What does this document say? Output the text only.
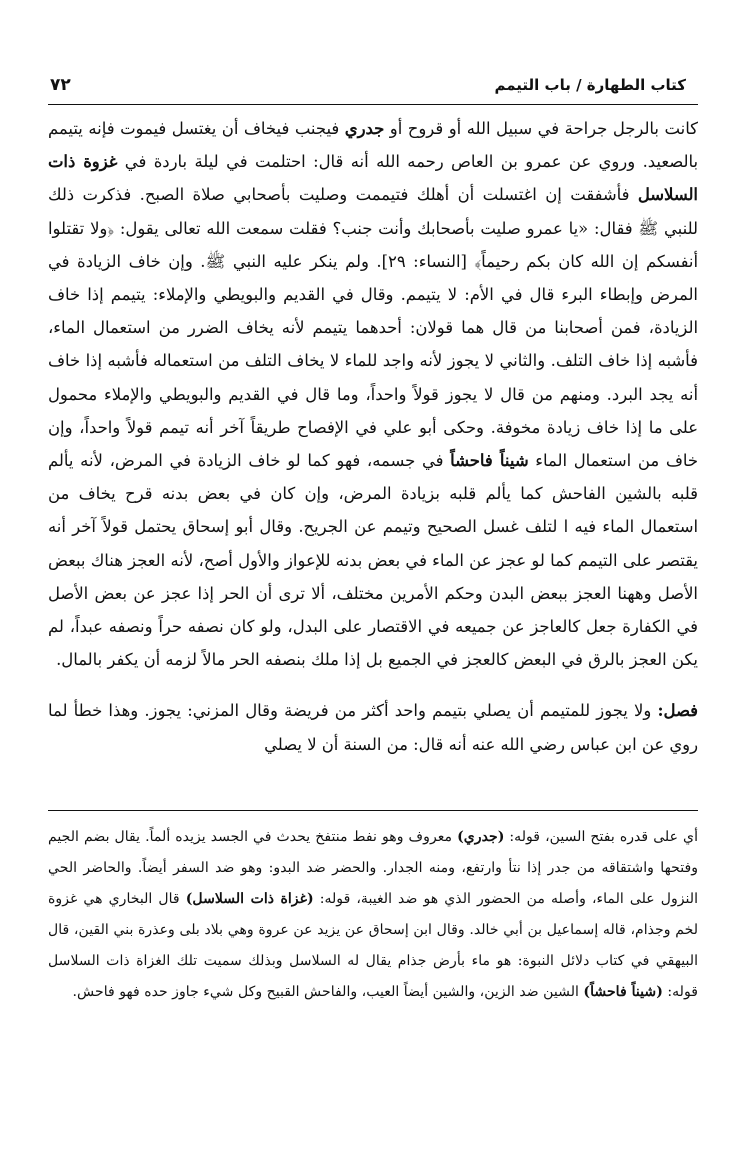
كتاب الطهارة / باب التيمم
٧٢

كانت بالرجل جراحة في سبيل الله أو قروح أو جدري فيجنب فيخاف أن يغتسل فيموت فإنه يتيمم بالصعيد. وروي عن عمرو بن العاص رحمه الله أنه قال: احتلمت في ليلة باردة في غزوة ذات السلاسل فأشفقت إن اغتسلت أن أهلك فتيممت وصليت بأصحابي صلاة الصبح. فذكرت ذلك للنبي ﷺ فقال: «يا عمرو صليت بأصحابك وأنت جنب؟ فقلت سمعت الله تعالى يقول: ﴿ولا تقتلوا أنفسكم إن الله كان بكم رحيماً﴾ [النساء: ٢٩]. ولم ينكر عليه النبي ﷺ. وإن خاف الزيادة في المرض وإبطاء البرء قال في الأم: لا يتيمم. وقال في القديم والبويطي والإملاء: يتيمم إذا خاف الزيادة، فمن أصحابنا من قال هما قولان: أحدهما يتيمم لأنه يخاف الضرر من استعمال الماء، فأشبه إذا خاف التلف. والثاني لا يجوز لأنه واجد للماء لا يخاف التلف من استعماله فأشبه إذا خاف أنه يجد البرد. ومنهم من قال لا يجوز قولاً واحداً، وما قال في القديم والبويطي والإملاء محمول على ما إذا خاف زيادة مخوفة. وحكى أبو علي في الإفصاح طريقاً آخر أنه تيمم قولاً واحداً، وإن خاف من استعمال الماء شيناً فاحشاً في جسمه، فهو كما لو خاف الزيادة في المرض، لأنه يألم قلبه بالشين الفاحش كما يألم قلبه بزيادة المرض، وإن كان في بعض بدنه قرح يخاف من استعمال الماء فيه ا لتلف غسل الصحيح وتيمم عن الجريح. وقال أبو إسحاق يحتمل قولاً آخر أنه يقتصر على التيمم كما لو عجز عن الماء في بعض بدنه للإعواز والأول أصح، لأنه العجز هناك ببعض الأصل وههنا العجز ببعض البدن وحكم الأمرين مختلف، ألا ترى أن الحر إذا عجز عن بعض الأصل في الكفارة جعل كالعاجز عن جميعه في الاقتصار على البدل، ولو كان نصفه حراً ونصفه عبداً، لم يكن العجز بالرق في البعض كالعجز في الجميع بل إذا ملك بنصفه الحر مالاً لزمه أن يكفر بالمال.

فصل: ولا يجوز للمتيمم أن يصلي بتيمم واحد أكثر من فريضة وقال المزني: يجوز. وهذا خطأ لما روي عن ابن عباس رضي الله عنه أنه قال: من السنة أن لا يصلي

أي على قدره بفتح السين، قوله: (جدري) معروف وهو نفط منتفخ يحدث في الجسد يزيده ألماً. يقال بضم الجيم وفتحها واشتقاقه من جدر إذا نتأ وارتفع، ومنه الجدار. والحضر ضد البدو: وهو ضد السفر أيضاً. والحاضر الحي النزول على الماء، وأصله من الحضور الذي هو ضد الغيبة، قوله: (غزاة ذات السلاسل) قال البخاري هي غزوة لخم وجذام، قاله إسماعيل بن أبي خالد. وقال ابن إسحاق عن يزيد عن عروة وهي بلاد بلى وعذرة بني القين، قال البيهقي في كتاب دلائل النبوة: هو ماء بأرض جذام يقال له السلاسل وبذلك سميت تلك الغزاة ذات السلاسل قوله: (شيناً فاحشاً) الشين ضد الزين، والشين أيضاً العيب، والفاحش القبيح وكل شيء جاوز حده فهو فاحش.
